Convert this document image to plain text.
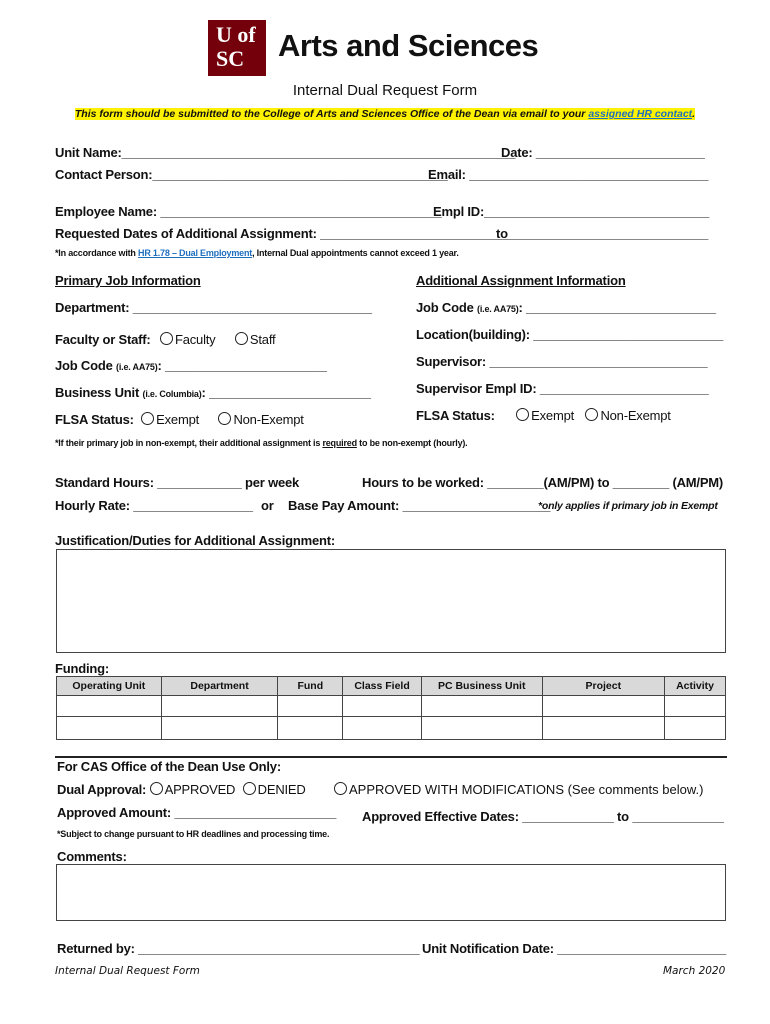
U of
SC Arts and Sciences
Internal Dual Request Form
This form should be submitted to the College of Arts and Sciences Office of the Dean via email to your assigned HR contact.
Unit Name:________________________________________________________
Date: ________________________
Contact Person:__________________________________________
Email: __________________________________
Employee Name: ________________________________________
Empl ID:________________________________
Requested Dates of Additional Assignment: ____________________________
to ____________________________
*In accordance with HR 1.78 – Dual Employment, Internal Dual appointments cannot exceed 1 year.
Primary Job Information
Department: __________________________________
Faculty or Staff: Faculty	Staff
Job Code (i.e. AA75): _______________________
Business Unit (i.e. Columbia): _______________________
FLSA Status: Exempt	Non-Exempt
Additional Assignment Information
Job Code (i.e. AA75): ___________________________
Location(building): ___________________________
Supervisor: _______________________________
Supervisor Empl ID: ________________________
FLSA Status:	Exempt Non-Exempt
*If their primary job in non-exempt, their additional assignment is required to be non-exempt (hourly).
Standard Hours: ____________ per week	Hours to be worked: ________(AM/PM) to ________ (AM/PM)
Hourly Rate: _________________ or Base Pay Amount: _____________________
*only applies if primary job in Exempt
Justification/Duties for Additional Assignment:
Funding:
Operating Unit	Department	Fund	Class Field	PC Business Unit	Project	Activity

For CAS Office of the Dean Use Only:
Dual Approval: APPROVED DENIED	APPROVED WITH MODIFICATIONS (See comments below.)
Approved Amount: _______________________ Approved Effective Dates: _____________ to _____________
*Subject to change pursuant to HR deadlines and processing time.
Comments:
Returned by: ________________________________________ Unit Notification Date: ________________________
Internal Dual Request Form	March 2020
